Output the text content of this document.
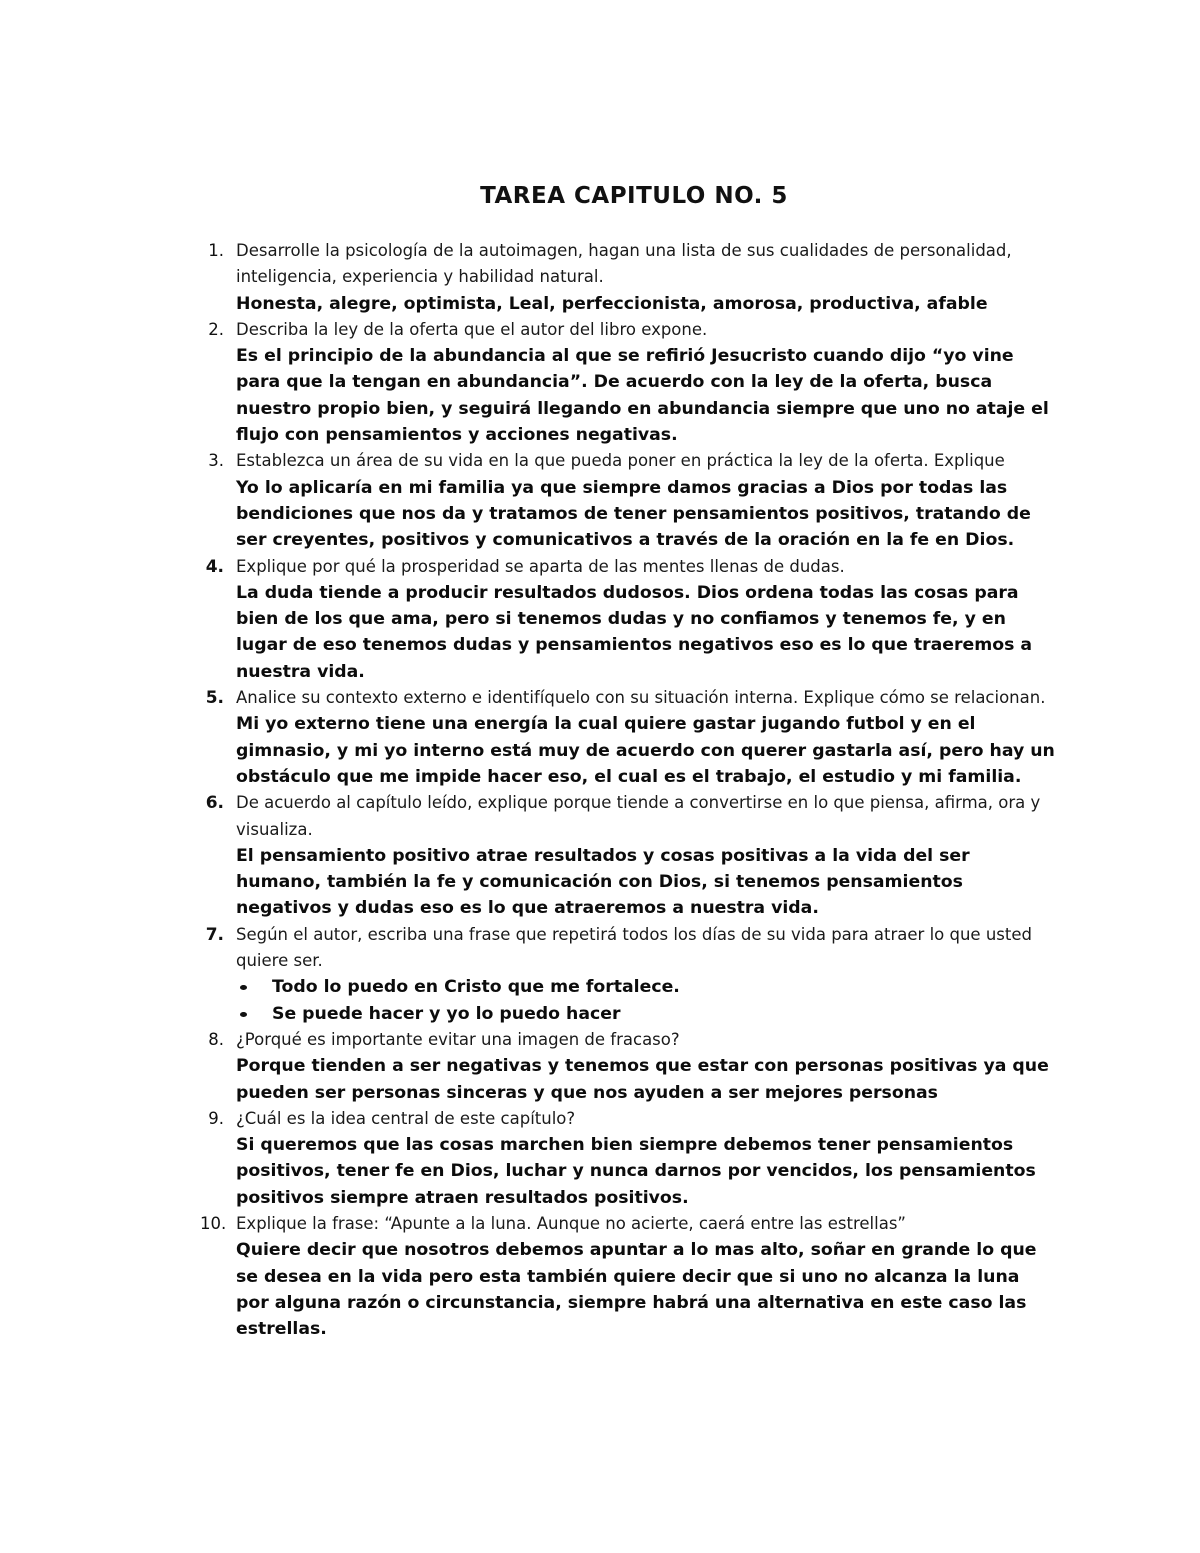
TAREA CAPITULO NO. 5
1. Desarrolle la psicología de la autoimagen, hagan una lista de sus cualidades de personalidad, inteligencia, experiencia y habilidad natural.
Honesta, alegre, optimista, Leal, perfeccionista, amorosa, productiva, afable
2. Describa la ley de la oferta que el autor del libro expone.
Es el principio de la abundancia al que se refirió Jesucristo cuando dijo “yo vine para que la tengan en abundancia”. De acuerdo con la ley de la oferta, busca nuestro propio bien, y seguirá llegando en abundancia siempre que uno no ataje el flujo con pensamientos y acciones negativas.
3. Establezca un área de su vida en la que pueda poner en práctica la ley de la oferta. Explique
Yo lo aplicaría en mi familia ya que siempre damos gracias a Dios por todas las bendiciones que nos da y tratamos de tener pensamientos positivos, tratando de ser creyentes, positivos y comunicativos a través de la oración en la fe en Dios.
4. Explique por qué la prosperidad se aparta de las mentes llenas de dudas.
La duda tiende a producir resultados dudosos. Dios ordena todas las cosas para bien de los que ama, pero si tenemos dudas y no confiamos y tenemos fe, y en lugar de eso tenemos dudas y pensamientos negativos eso es lo que traeremos a nuestra vida.
5. Analice su contexto externo e identifíquelo con su situación interna. Explique cómo se relacionan.
Mi yo externo tiene una energía la cual quiere gastar jugando futbol y en el gimnasio, y mi yo interno está muy de acuerdo con querer gastarla así, pero hay un obstáculo que me impide hacer eso, el cual es el trabajo, el estudio y mi familia.
6. De acuerdo al capítulo leído, explique porque tiende a convertirse en lo que piensa, afirma, ora y visualiza.
El pensamiento positivo atrae resultados y cosas positivas a la vida del ser humano, también la fe y comunicación con Dios, si tenemos pensamientos negativos y dudas eso es lo que atraeremos a nuestra vida.
7. Según el autor, escriba una frase que repetirá todos los días de su vida para atraer lo que usted quiere ser.
Todo lo puedo en Cristo que me fortalece.
Se puede hacer y yo lo puedo hacer
8. ¿Porqué es importante evitar una imagen de fracaso?
Porque tienden a ser negativas y tenemos que estar con personas positivas ya que pueden ser personas sinceras y que nos ayuden a ser mejores personas
9. ¿Cuál es la idea central de este capítulo?
Si queremos que las cosas marchen bien siempre debemos tener pensamientos positivos, tener fe en Dios, luchar y nunca darnos por vencidos, los pensamientos positivos siempre atraen resultados positivos.
10. Explique la frase: “Apunte a la luna. Aunque no acierte, caerá entre las estrellas”
Quiere decir que nosotros debemos apuntar a lo mas alto, soñar en grande lo que se desea en la vida pero esta también quiere decir que si uno no alcanza la luna por alguna razón o circunstancia, siempre habrá una alternativa en este caso las estrellas.
